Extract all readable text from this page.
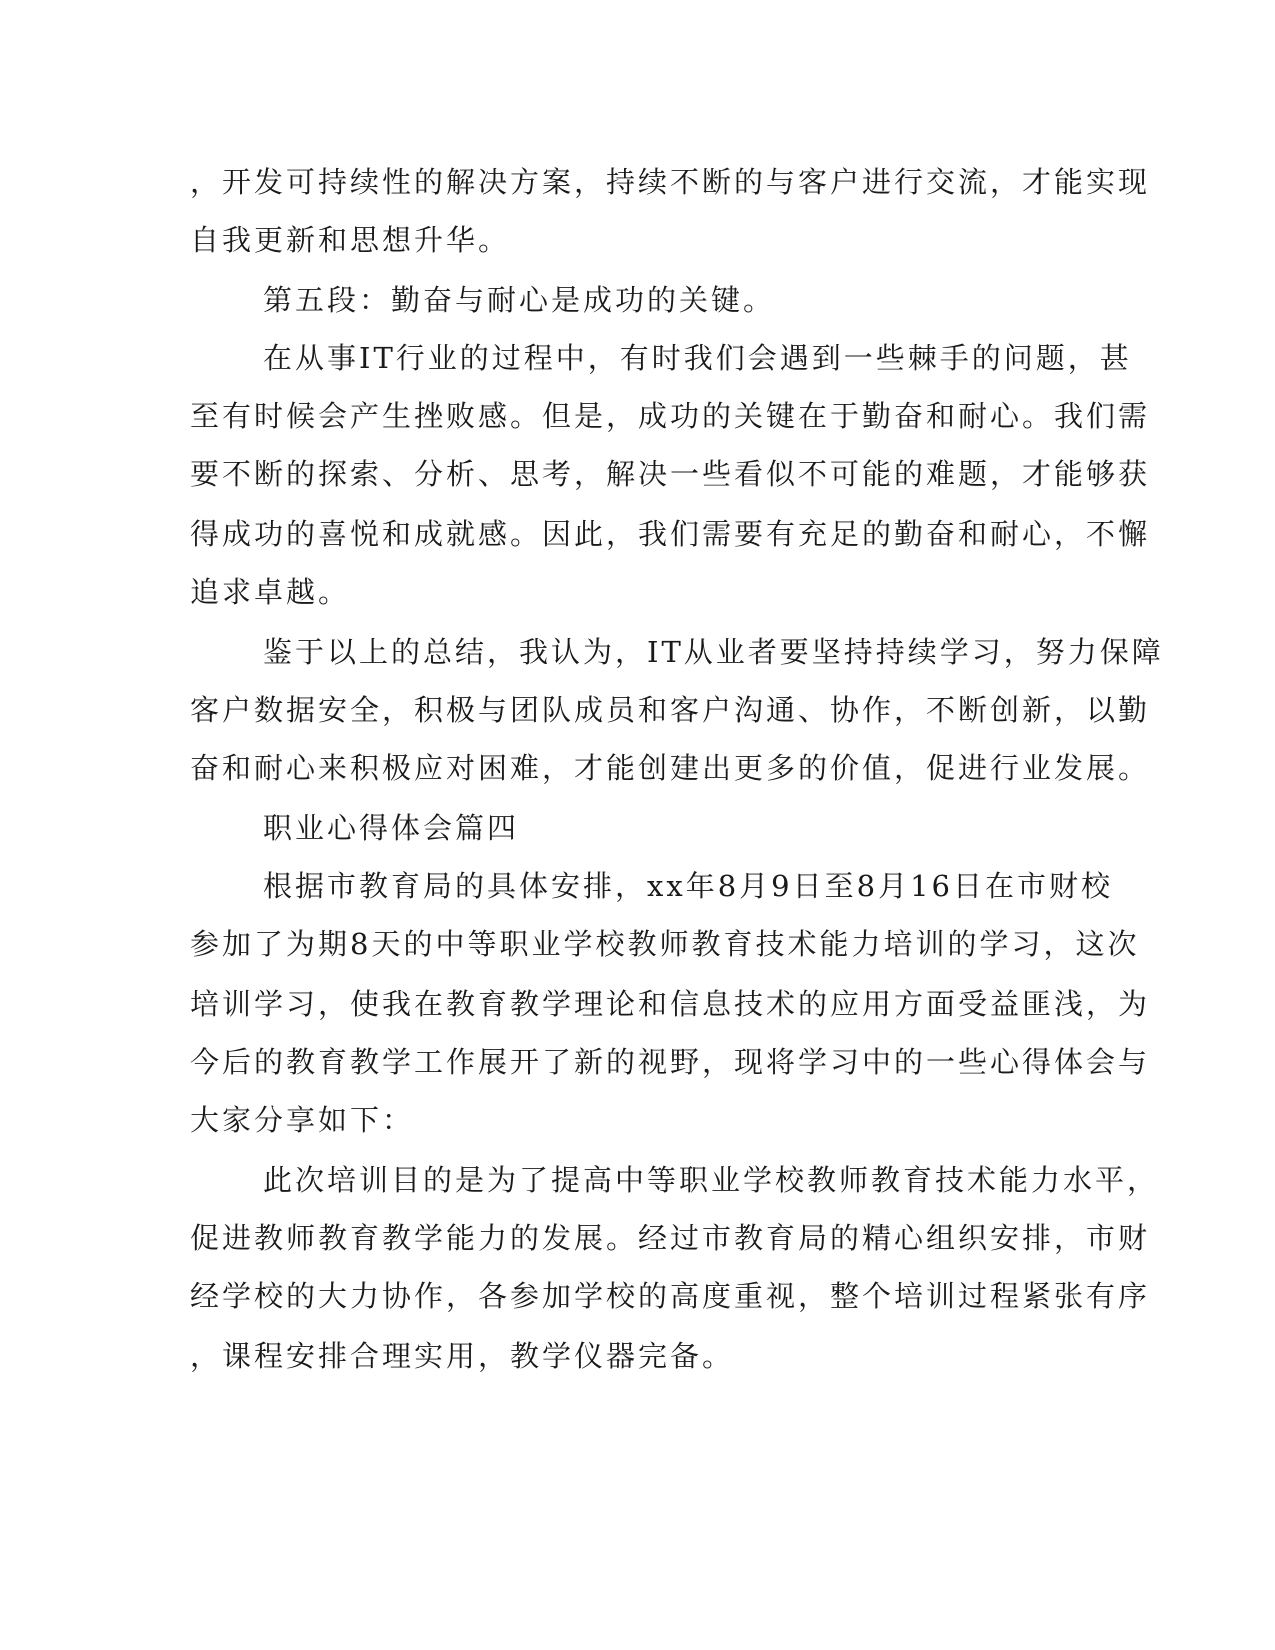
，开发可持续性的解决方案，持续不断的与客户进行交流，才能实现
自我更新和思想升华。
第五段：勤奋与耐心是成功的关键。
在从事IT行业的过程中，有时我们会遇到一些棘手的问题，甚
至有时候会产生挫败感。但是，成功的关键在于勤奋和耐心。我们需
要不断的探索、分析、思考，解决一些看似不可能的难题，才能够获
得成功的喜悦和成就感。因此，我们需要有充足的勤奋和耐心，不懈
追求卓越。
鉴于以上的总结，我认为，IT从业者要坚持持续学习，努力保障
客户数据安全，积极与团队成员和客户沟通、协作，不断创新，以勤
奋和耐心来积极应对困难，才能创建出更多的价值，促进行业发展。
职业心得体会篇四
根据市教育局的具体安排，xx年8月9日至8月16日在市财校
参加了为期8天的中等职业学校教师教育技术能力培训的学习，这次
培训学习，使我在教育教学理论和信息技术的应用方面受益匪浅，为
今后的教育教学工作展开了新的视野，现将学习中的一些心得体会与
大家分享如下：
此次培训目的是为了提高中等职业学校教师教育技术能力水平，
促进教师教育教学能力的发展。经过市教育局的精心组织安排，市财
经学校的大力协作，各参加学校的高度重视，整个培训过程紧张有序
，课程安排合理实用，教学仪器完备。
